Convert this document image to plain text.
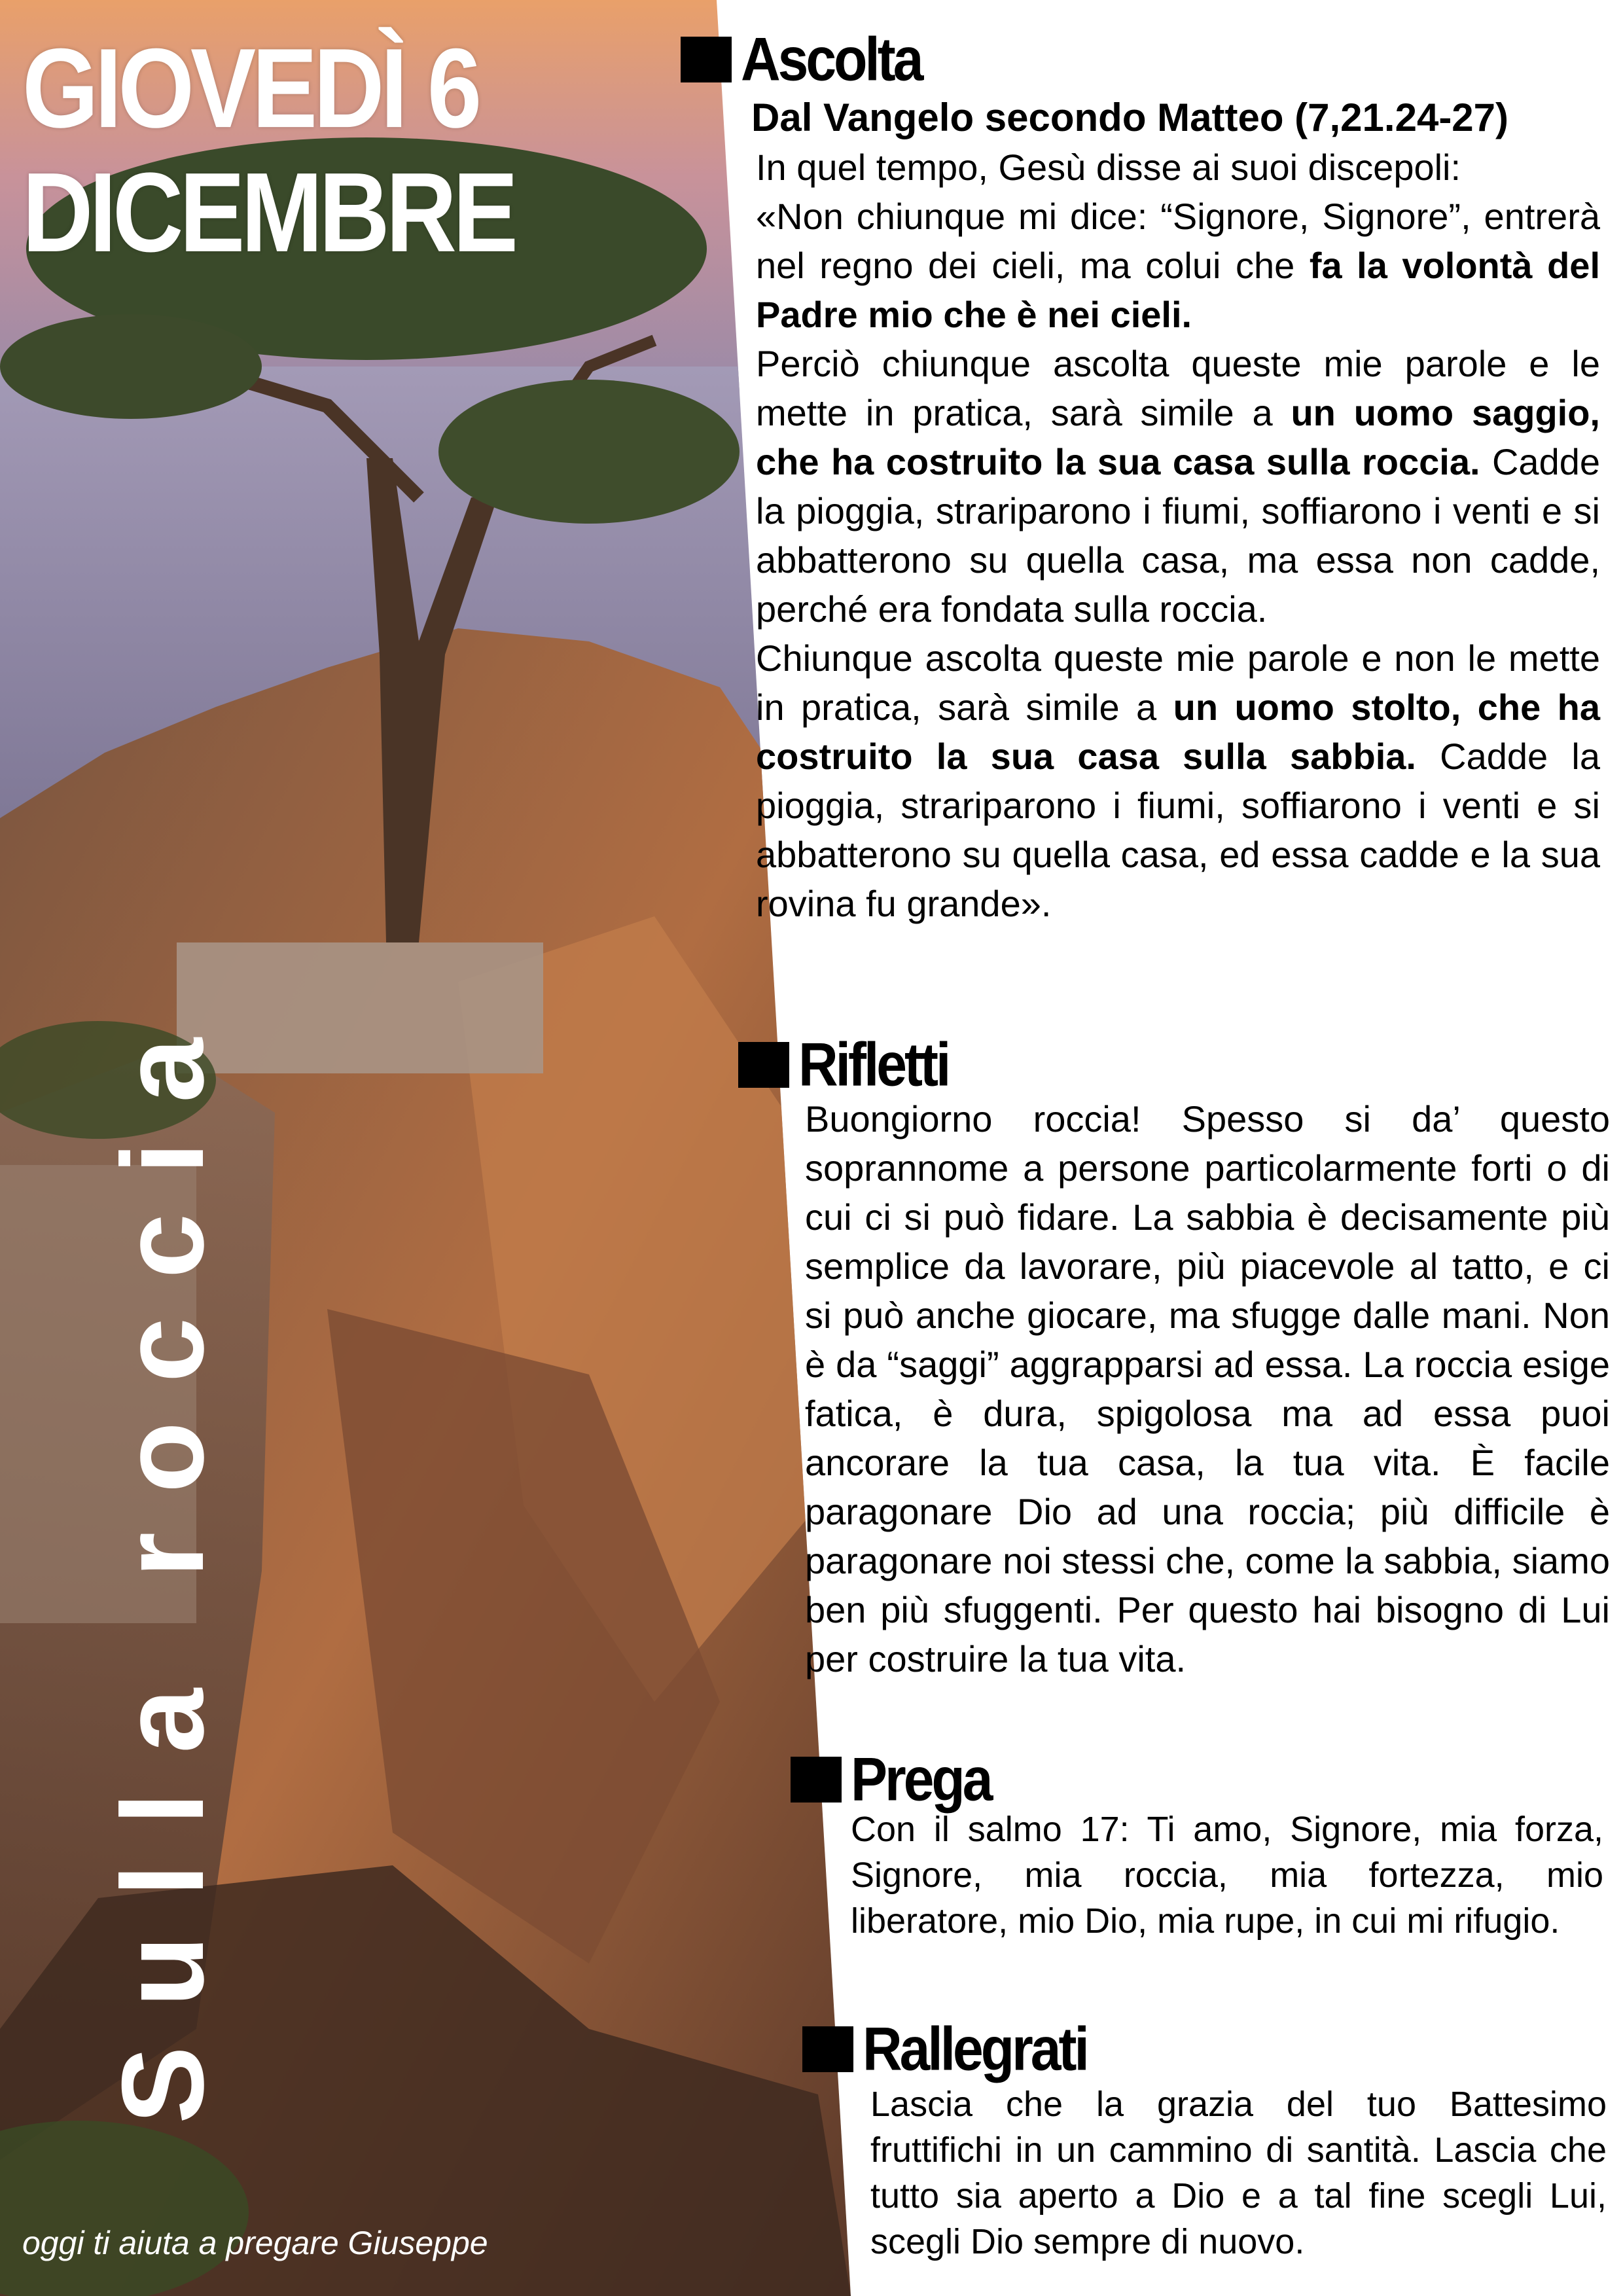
GIOVEDÌ 6
DICEMBRE
Sulla roccia
oggi ti aiuta a pregare Giuseppe
Ascolta

Dal Vangelo secondo Matteo (7,21.24-27)

In quel tempo, Gesù disse ai suoi discepoli:

«Non chiunque mi dice: “Signore, Signore”, entrerà nel regno dei cieli, ma colui che fa la volontà del Padre mio che è nei cieli.

Perciò chiunque ascolta queste mie parole e le mette in pratica, sarà simile a un uomo saggio, che ha costruito la sua casa sulla roccia. Cadde la pioggia, strariparono i fiumi, soffiarono i venti e si abbatterono su quella casa, ma essa non cadde, perché era fondata sulla roccia.

Chiunque ascolta queste mie parole e non le mette in pratica, sarà simile a un uomo stolto, che ha costruito la sua casa sulla sabbia. Cadde la pioggia, strariparono i fiumi, soffiarono i venti e si abbatterono su quella casa, ed essa cadde e la sua rovina fu grande».

Rifletti

Buongiorno roccia! Spesso si da’ questo soprannome a persone particolarmente forti o di cui ci si può fidare. La sabbia è decisamente più semplice da lavorare, più piacevole al tatto, e ci si può anche giocare, ma sfugge dalle mani. Non è da “saggi” aggrapparsi ad essa. La roccia esige fatica, è dura, spigolosa ma ad essa puoi ancorare la tua casa, la tua vita. È facile paragonare Dio ad una roccia; più difficile è paragonare noi stessi che, come la sabbia, siamo ben più sfuggenti. Per questo hai bisogno di Lui per costruire la tua vita.

Prega

Con il salmo 17: Ti amo, Signore, mia forza, Signore, mia roccia, mia fortezza, mio liberatore, mio Dio, mia rupe, in cui mi rifugio.

Rallegrati

Lascia che la grazia del tuo Battesimo fruttifichi in un cammino di santità. Lascia che tutto sia aperto a Dio e a tal fine scegli Lui, scegli Dio sempre di nuovo.
